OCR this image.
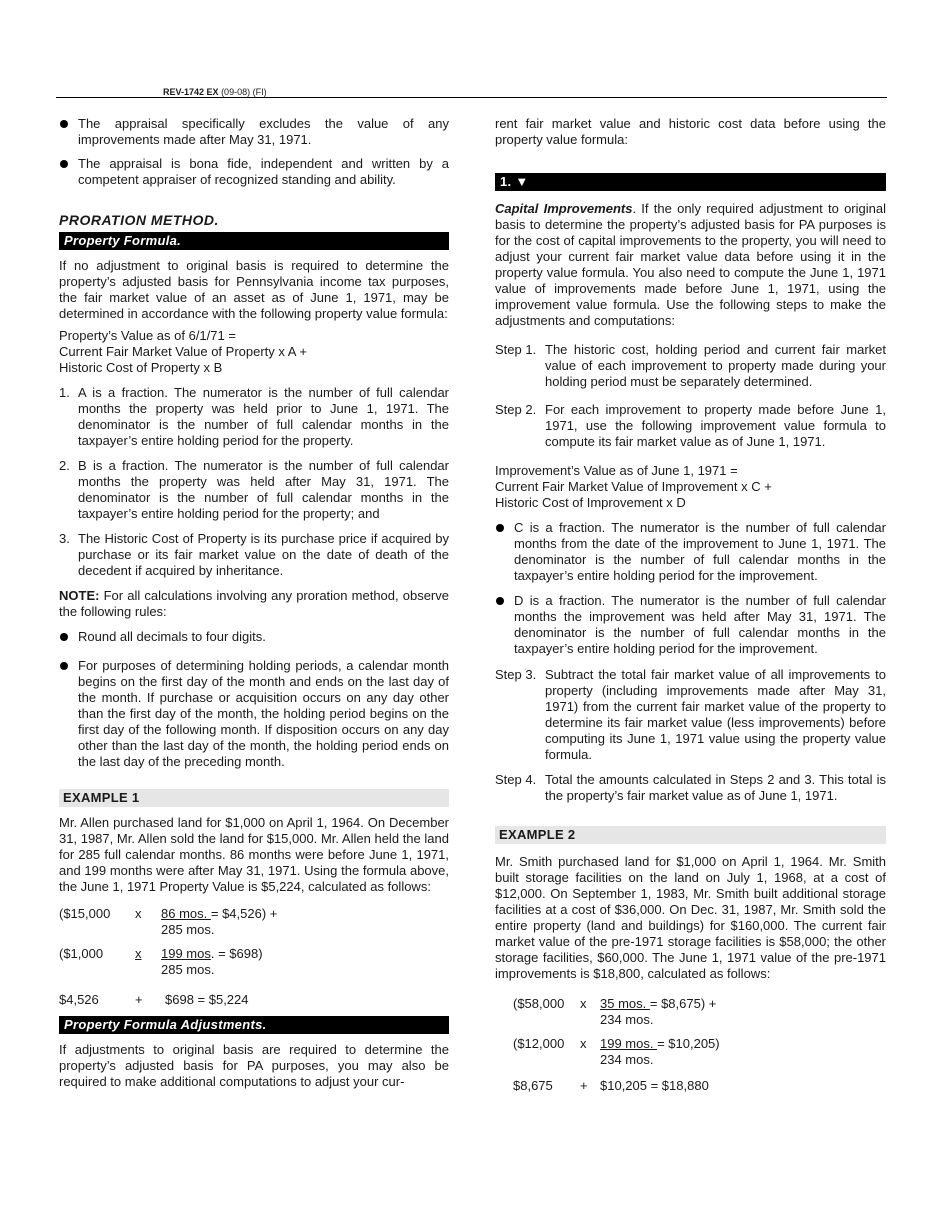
REV-1742 EX (09-08) (FI)

The appraisal specifically excludes the value of any improvements made after May 31, 1971.

The appraisal is bona fide, independent and written by a competent appraiser of recognized standing and ability.

PRORATION METHOD.

Property Formula.

If no adjustment to original basis is required to determine the property’s adjusted basis for Pennsylvania income tax purposes, the fair market value of an asset as of June 1, 1971, may be determined in accordance with the following property value formula:

Property’s Value as of 6/1/71 =

Current Fair Market Value of Property x A +

Historic Cost of Property x B

1. A is a fraction. The numerator is the number of full calendar months the property was held prior to June 1, 1971. The denominator is the number of full calendar months in the taxpayer’s entire holding period for the property.
2. B is a fraction. The numerator is the number of full calendar months the property was held after May 31, 1971. The denominator is the number of full calendar months in the taxpayer’s entire holding period for the property; and
3. The Historic Cost of Property is its purchase price if acquired by purchase or its fair market value on the date of death of the decedent if acquired by inheritance.

NOTE: For all calculations involving any proration method, observe the following rules:

Round all decimals to four digits.

For purposes of determining holding periods, a calendar month begins on the first day of the month and ends on the last day of the month. If purchase or acquisition occurs on any day other than the first day of the month, the holding period begins on the first day of the following month. If disposition occurs on any day other than the last day of the month, the holding period ends on the last day of the preceding month.

EXAMPLE 1

Mr. Allen purchased land for $1,000 on April 1, 1964. On December 31, 1987, Mr. Allen sold the land for $15,000. Mr. Allen held the land for 285 full calendar months. 86 months were before June 1, 1971, and 199 months were after May 31, 1971. Using the formula above, the June 1, 1971 Property Value is $5,224, calculated as follows:

($15,000 x 86 mos. = $4,526) +
285 mos.
($1,000 x	199 mos. = $698)
285 mos.
$4,526	+ $698 = $5,224
Property Formula Adjustments.

If adjustments to original basis are required to determine the property’s adjusted basis for PA purposes, you may also be required to make additional computations to adjust your cur-

rent fair market value and historic cost data before using the property value formula:

1. ▼

Capital Improvements. If the only required adjustment to original basis to determine the property’s adjusted basis for PA purposes is for the cost of capital improvements to the property, you will need to adjust your current fair market value data before using it in the property value formula. You also need to compute the June 1, 1971 value of improvements made before June 1, 1971, using the improvement value formula. Use the following steps to make the adjustments and computations:

Step 1. The historic cost, holding period and current fair market value of each improvement to property made during your holding period must be separately determined.
Step 2. For each improvement to property made before June 1, 1971, use the following improvement value formula to compute its fair market value as of June 1, 1971.

Improvement’s Value as of June 1, 1971 =

Current Fair Market Value of Improvement x C +

Historic Cost of Improvement x D

C is a fraction. The numerator is the number of full calendar months from the date of the improvement to June 1, 1971. The denominator is the number of full calendar months in the taxpayer’s entire holding period for the improvement.

D is a fraction. The numerator is the number of full calendar months the improvement was held after May 31, 1971. The denominator is the number of full calendar months in the taxpayer’s entire holding period for the improvement.

Step 3. Subtract the total fair market value of all improvements to property (including improvements made after May 31, 1971) from the current fair market value of the property to determine its fair market value (less improvements) before computing its June 1, 1971 value using the property value formula.
Step 4. Total the amounts calculated in Steps 2 and 3. This total is the property’s fair market value as of June 1, 1971.
EXAMPLE 2

Mr. Smith purchased land for $1,000 on April 1, 1964. Mr. Smith built storage facilities on the land on July 1, 1968, at a cost of $12,000. On September 1, 1983, Mr. Smith built additional storage facilities at a cost of $36,000. On Dec. 31, 1987, Mr. Smith sold the entire property (land and buildings) for $160,000. The current fair market value of the pre-1971 storage facilities is $58,000; the other storage facilities, $60,000. The June 1, 1971 value of the pre-1971 improvements is $18,800, calculated as follows:

($58,000 x 35 mos. = $8,675) +
234 mos.
($12,000 x 199 mos. = $10,205)
234 mos.
$8,675 + $10,205 = $18,880
